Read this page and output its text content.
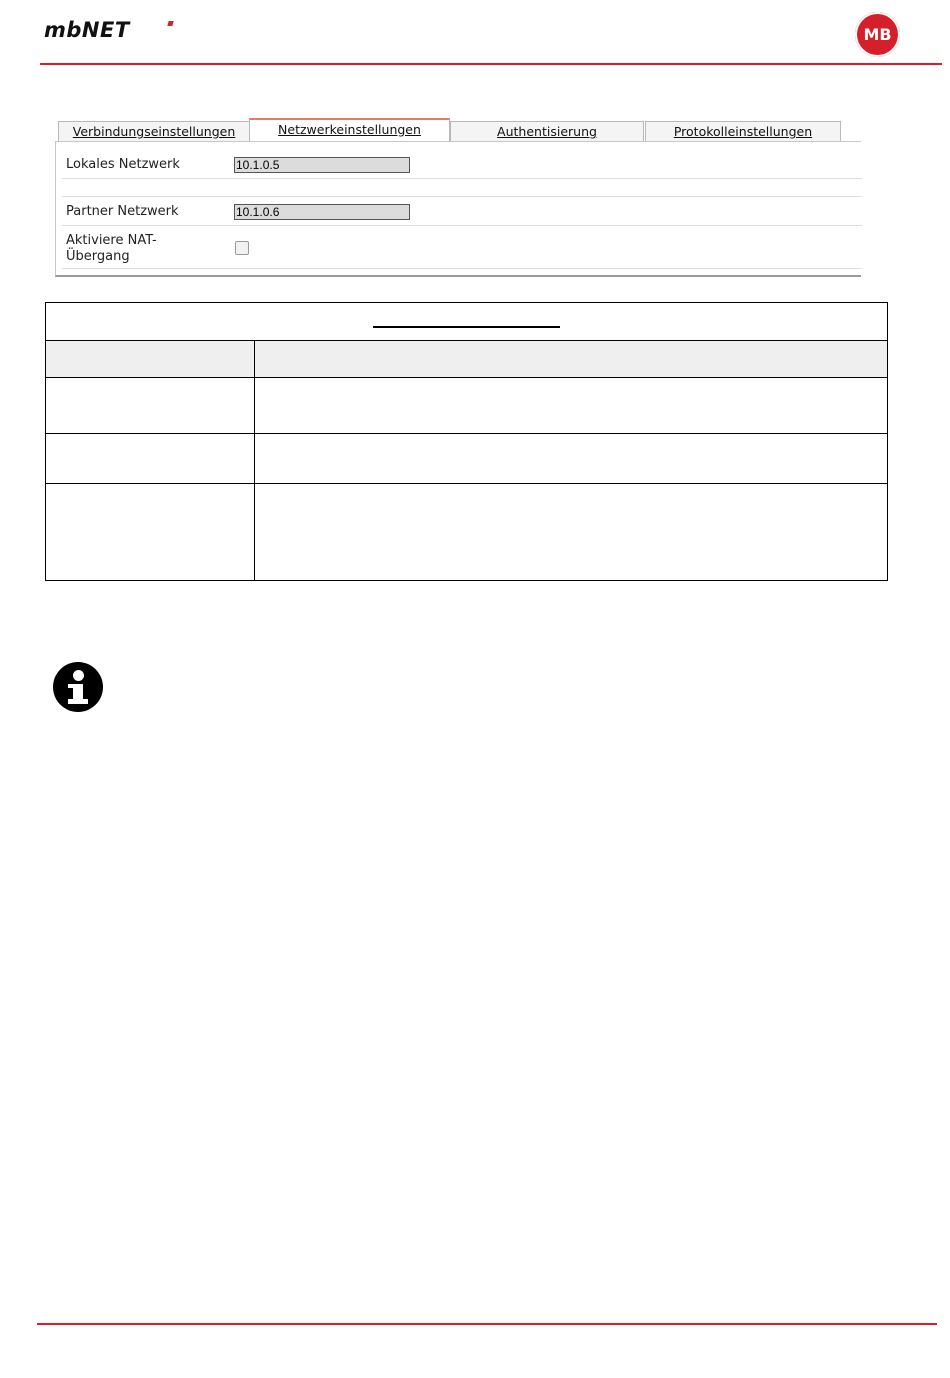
mbNET	MB
Verbindungseinstellungen	Netzwerkeinstellungen	Authentisierung	Protokolleinstellungen
Lokales Netzwerk	10.1.0.5
Partner Netzwerk	10.1.0.6
Aktiviere NAT-
Übergang
